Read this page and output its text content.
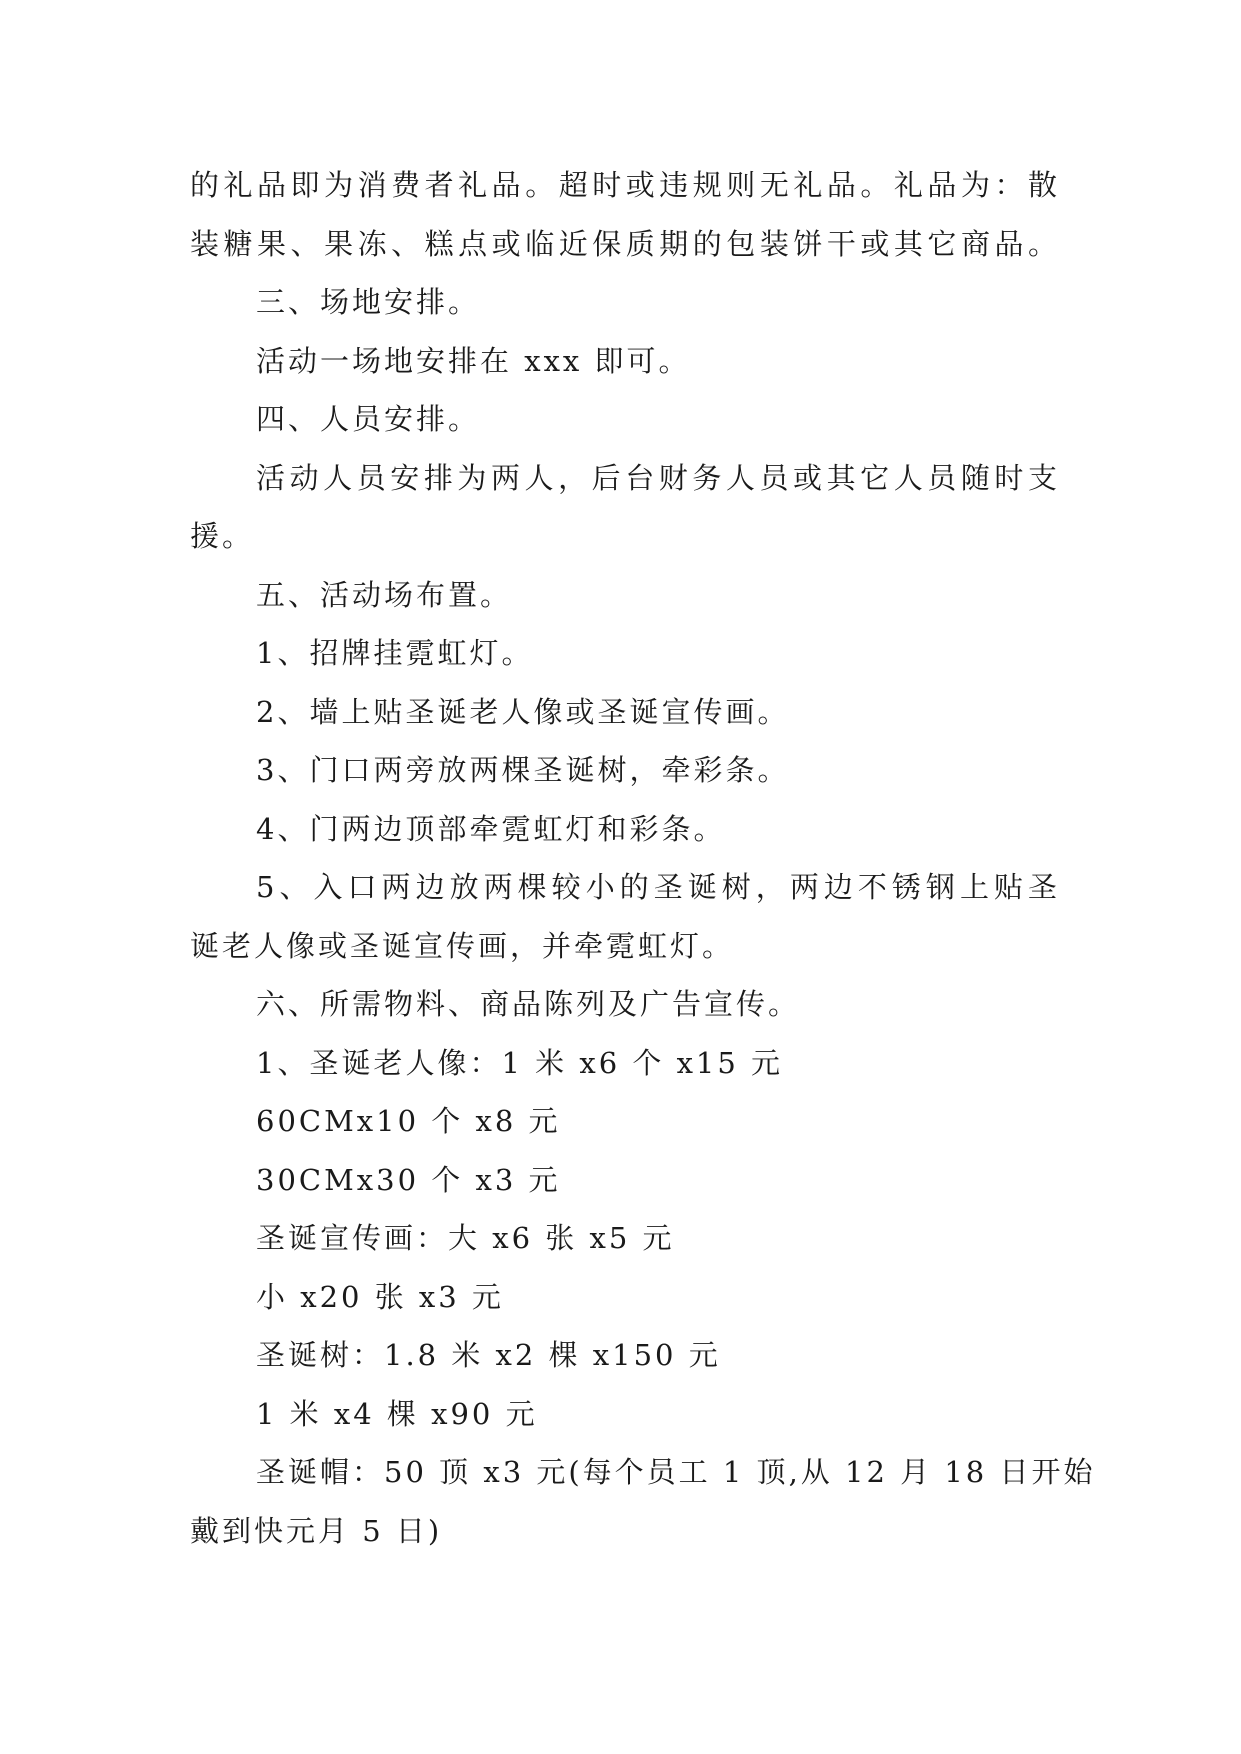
的礼品即为消费者礼品。超时或违规则无礼品。礼品为：散
装糖果、果冻、糕点或临近保质期的包装饼干或其它商品。
三、场地安排。
活动一场地安排在 xxx 即可。
四、人员安排。
活动人员安排为两人，后台财务人员或其它人员随时支
援。
五、活动场布置。
1、招牌挂霓虹灯。
2、墙上贴圣诞老人像或圣诞宣传画。
3、门口两旁放两棵圣诞树，牵彩条。
4、门两边顶部牵霓虹灯和彩条。
5、入口两边放两棵较小的圣诞树，两边不锈钢上贴圣
诞老人像或圣诞宣传画，并牵霓虹灯。
六、所需物料、商品陈列及广告宣传。
1、圣诞老人像：1 米 x6 个 x15 元
60CMx10 个 x8 元
30CMx30 个 x3 元
圣诞宣传画：大 x6 张 x5 元
小 x20 张 x3 元
圣诞树：1.8 米 x2 棵 x150 元
1 米 x4 棵 x90 元
圣诞帽：50 顶 x3 元(每个员工 1 顶,从 12 月 18 日开始
戴到快元月 5 日)
